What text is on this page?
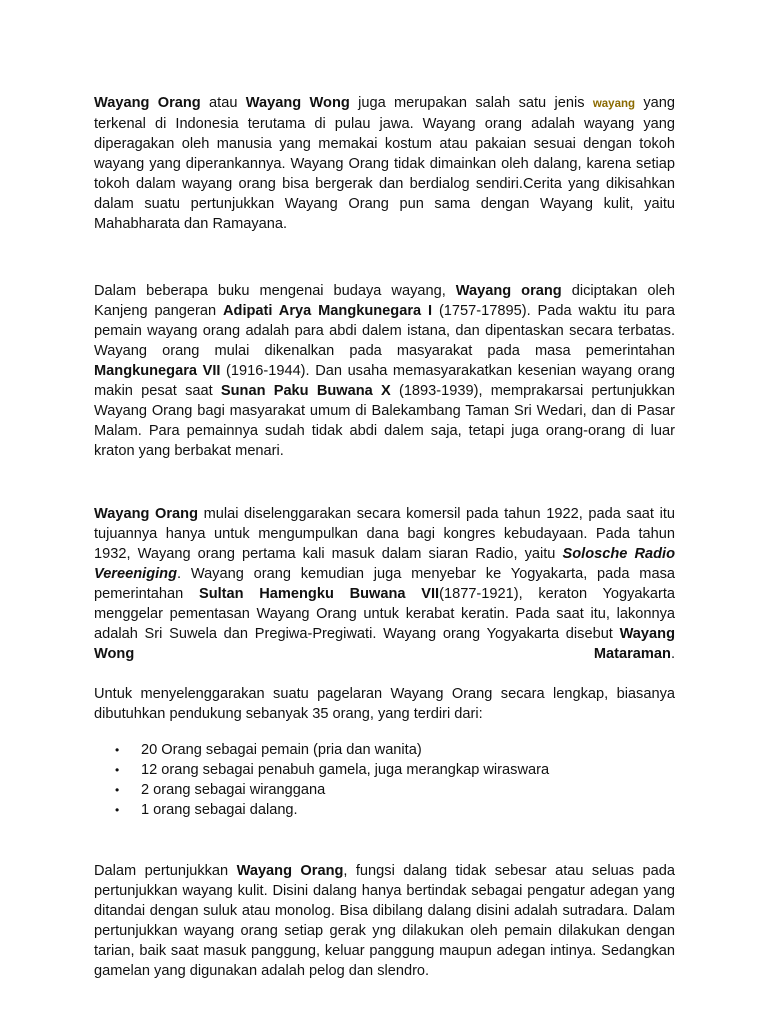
Wayang Orang atau Wayang Wong juga merupakan salah satu jenis wayang yang terkenal di Indonesia terutama di pulau jawa. Wayang orang adalah wayang yang diperagakan oleh manusia yang memakai kostum atau pakaian sesuai dengan tokoh wayang yang diperankannya. Wayang Orang tidak dimainkan oleh dalang, karena setiap tokoh dalam wayang orang bisa bergerak dan berdialog sendiri.Cerita yang dikisahkan dalam suatu pertunjukkan Wayang Orang pun sama dengan Wayang kulit, yaitu Mahabharata dan Ramayana.

Dalam beberapa buku mengenai budaya wayang, Wayang orang diciptakan oleh Kanjeng pangeran Adipati Arya Mangkunegara I (1757-17895). Pada waktu itu para pemain wayang orang adalah para abdi dalem istana, dan dipentaskan secara terbatas. Wayang orang mulai dikenalkan pada masyarakat pada masa pemerintahan Mangkunegara VII (1916-1944). Dan usaha memasyarakatkan kesenian wayang orang makin pesat saat Sunan Paku Buwana X (1893-1939), memprakarsai pertunjukkan Wayang Orang bagi masyarakat umum di Balekambang Taman Sri Wedari, dan di Pasar Malam. Para pemainnya sudah tidak abdi dalem saja, tetapi juga orang-orang di luar kraton yang berbakat menari.

Wayang Orang mulai diselenggarakan secara komersil pada tahun 1922, pada saat itu tujuannya hanya untuk mengumpulkan dana bagi kongres kebudayaan. Pada tahun 1932, Wayang orang pertama kali masuk dalam siaran Radio, yaitu Solosche Radio Vereeniging. Wayang orang kemudian juga menyebar ke Yogyakarta, pada masa pemerintahan Sultan Hamengku Buwana VII(1877-1921), keraton Yogyakarta menggelar pementasan Wayang Orang untuk kerabat keratin. Pada saat itu, lakonnya adalah Sri Suwela dan Pregiwa-Pregiwati. Wayang orang Yogyakarta disebut Wayang Wong Mataraman.

Untuk menyelenggarakan suatu pagelaran Wayang Orang secara lengkap, biasanya dibutuhkan pendukung sebanyak 35 orang, yang terdiri dari:

• 20 Orang sebagai pemain (pria dan wanita)
• 12 orang sebagai penabuh gamela, juga merangkap wiraswara
• 2 orang sebagai wiranggana
• 1 orang sebagai dalang.

Dalam pertunjukkan Wayang Orang, fungsi dalang tidak sebesar atau seluas pada pertunjukkan wayang kulit. Disini dalang hanya bertindak sebagai pengatur adegan yang ditandai dengan suluk atau monolog. Bisa dibilang dalang disini adalah sutradara. Dalam pertunjukkan wayang orang setiap gerak yng dilakukan oleh pemain dilakukan dengan tarian, baik saat masuk panggung, keluar panggung maupun adegan intinya. Sedangkan gamelan yang digunakan adalah pelog dan slendro.
